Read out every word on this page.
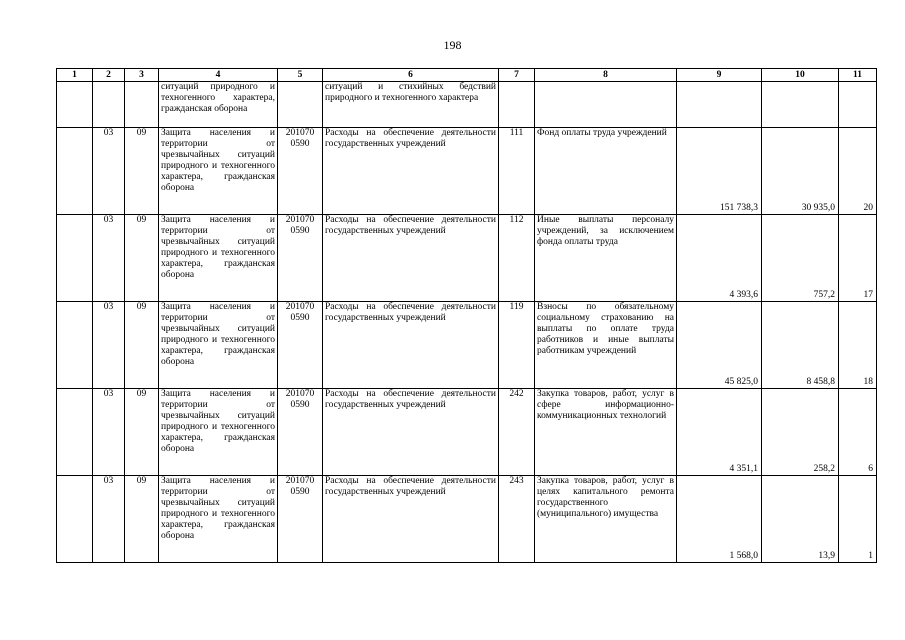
198
1	2	3	4	5	6	7	8	9	10	11
			ситуаций природного и техногенного характера, гражданская оборона		ситуаций и стихийных бедствий природного и техногенного характера					
	03	09	Защита населения и территории от чрезвычайных ситуаций природного и техногенного характера, гражданская оборона	201070 0590	Расходы на обеспечение деятельности государственных учреждений	111	Фонд оплаты труда учреждений	151 738,3	30 935,0	20
	03	09	Защита населения и территории от чрезвычайных ситуаций природного и техногенного характера, гражданская оборона	201070 0590	Расходы на обеспечение деятельности государственных учреждений	112	Иные выплаты персоналу учреждений, за исключением фонда оплаты труда	4 393,6	757,2	17
	03	09	Защита населения и территории от чрезвычайных ситуаций природного и техногенного характера, гражданская оборона	201070 0590	Расходы на обеспечение деятельности государственных учреждений	119	Взносы по обязательному социальному страхованию на выплаты по оплате труда работников и иные выплаты работникам учреждений	45 825,0	8 458,8	18
	03	09	Защита населения и территории от чрезвычайных ситуаций природного и техногенного характера, гражданская оборона	201070 0590	Расходы на обеспечение деятельности государственных учреждений	242	Закупка товаров, работ, услуг в сфере информационно-коммуникационных технологий	4 351,1	258,2	6
	03	09	Защита населения и территории от чрезвычайных ситуаций природного и техногенного характера, гражданская оборона	201070 0590	Расходы на обеспечение деятельности государственных учреждений	243	Закупка товаров, работ, услуг в целях капитального ремонта государственного (муниципального) имущества	1 568,0	13,9	1
